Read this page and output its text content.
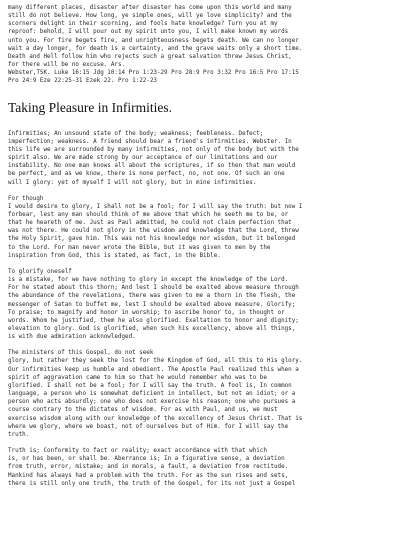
many different places, disaster after disaster has come upon this world and many
still do not believe. How long, ye simple ones, will ye love simplicity? and the
scorners delight in their scorning, and fools hate knowledge? Turn you at my
reproof: behold, I will pour out my spirit unto you, I will make known my words
unto you. For fire begets fire, and unrighteousness begets death. We can no longer
wait a day longer, for death is a certainty, and the grave waits only a short time.
Death and Hell follow him who rejects such a great salvation threw Jesus Christ,
for there will be no excuse. Ars.
Webster,TSK. Luke 16:15 Jdg 10:14 Pro 1:23-29 Pro 28:9 Pro 3:32 Pro 16:5 Pro 17:15
Pro 24:9 Eze 22:25-31 Ezek 22. Pro 1:22-23
Taking Pleasure in Infirmities.
Infirmities; An unsound state of the body; weakness; feebleness. Defect;
imperfection; weakness. A friend should bear a friend's infirmities. Webster. In
this life we are surrounded by many infirmities, not only of the body but with the
spirit also. We are made strong by our acceptance of our limitations and our
instability. No one man knows all about the scriptures, if so then that man would
be perfect, and as we know, there is none perfect, no, not one. Of such an one
will I glory: yet of myself I will not glory, but in mine infirmities.
For though
I would desire to glory, I shall not be a fool; for I will say the truth: but now I
forbear, lest any man should think of me above that which he seeth me to be, or
that he heareth of me. Just as Paul admitted, he could not claim perfection that
was not there. He could not glory in the wisdom and knowledge that the Lord, threw
the Holy Spirit, gave him. This was not his knowledge nor wisdom, but it belonged
to the Lord. For man never wrote the Bible, but it was given to men by the
inspiration from God, this is stated, as fact, in the Bible.
To glorify oneself
is a mistake, for we have nothing to glory in except the knowledge of the Lord.
For he stated about this thorn; And lest I should be exalted above measure through
the abundance of the revelations, there was given to me a thorn in the flesh, the
messenger of Satan to buffet me, lest I should be exalted above measure. Glorify;
To praise; to magnify and honor in worship; to ascribe honor to, in thought or
words. Whom he justified, them he also glorified. Exaltation to honor and dignity;
elevation to glory. God is glorified, when such his excellency, above all things,
is with due admiration acknowledged.
The ministers of this Gospel, do not seek
glory, but rather they seek the lost for the Kingdom of God, all this to His glory.
Our infirmities keep us humble and obedient. The Apostle Paul realized this when a
spirit of aggravation came to him so that he would remember who was to be
glorified. I shall not be a fool; for I will say the truth. A fool is, In common
language, a person who is somewhat deficient in intellect, but not an idiot; or a
person who acts absurdly; one who does not exercise his reason; one who pursues a
course contrary to the dictates of wisdom. For as with Paul, and us, we must
exercise wisdom along with our knowledge of the excellency of Jesus Christ. That is
where we glory, where we boast, not of ourselves but of Him. for I will say the
truth.
Truth is; Conformity to fact or reality; exact accordance with that which
is, or has been, or shall be. Aberrance is; In a figurative sense, a deviation
from truth, error, mistake; and in morals, a fault, a deviation from rectitude.
Mankind has always had a problem with the truth. For as the sun rises and sets,
there is still only one truth, the truth of the Gospel, for its not just a Gospel
